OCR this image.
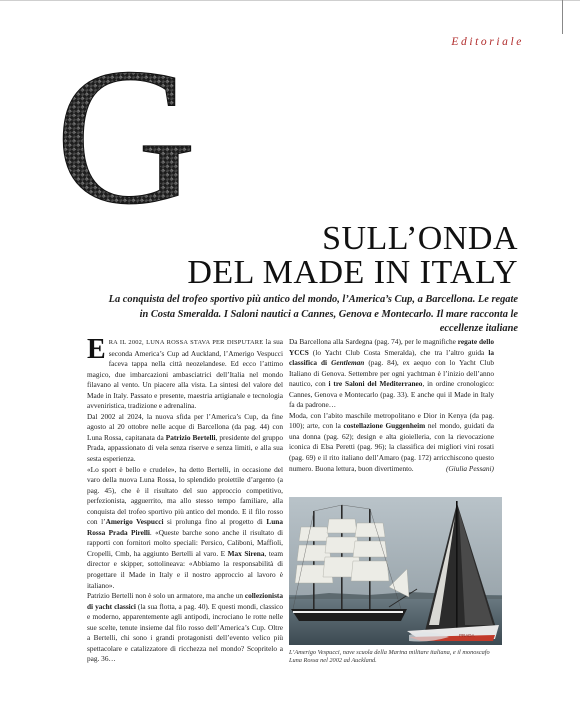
Editoriale
G	SULL’ONDA
DEL MADE IN ITALY
La conquista del trofeo sportivo più antico del mondo, l’America’s Cup, a Barcellona. Le regate in Costa Smeralda. I Saloni nautici a Cannes, Genova e Montecarlo. Il mare racconta le eccellenze italiane

ERA IL 2002, LUNA ROSSA STAVA PER DISPUTARE la sua seconda America’s Cup ad Auckland, l’Amerigo Vespucci faceva tappa nella città neozelandese. Ed ecco l’attimo magico, due imbarcazioni ambasciatrici dell’Italia nel mondo filavano al vento. Un piacere alla vista. La sintesi del valore del Made in Italy. Passato e presente, maestria artigianale e tecnologia avveniristica, tradizione e adrenalina.

Dal 2002 al 2024, la nuova sfida per l’America’s Cup, da fine agosto al 20 ottobre nelle acque di Barcellona (da pag. 44) con Luna Rossa, capitanata da Patrizio Bertelli, presidente del gruppo Prada, appassionato di vela senza riserve e senza limiti, e alla sua sesta esperienza.

«Lo sport è bello e crudele», ha detto Bertelli, in occasione del varo della nuova Luna Rossa, lo splendido proiettile d’argento (a pag. 45), che è il risultato del suo approccio competitivo, perfezionista, agguerrito, ma allo stesso tempo familiare, alla conquista del trofeo sportivo più antico del mondo. E il filo rosso con l’Amerigo Vespucci si prolunga fino al progetto di Luna Rossa Prada Pirelli. «Queste barche sono anche il risultato di rapporti con fornitori molto speciali: Persico, Caliboni, Maffioli, Cropelli, Cmb, ha aggiunto Bertelli al varo. E Max Sirena, team director e skipper, sottolineava: «Abbiamo la responsabilità di progettare il Made in Italy e il nostro approccio al lavoro è italiano».

Patrizio Bertelli non è solo un armatore, ma anche un collezionista di yacht classici (la sua flotta, a pag. 40). E questi mondi, classico e moderno, apparentemente agli antipodi, incrociano le rotte nelle sue scelte, tenute insieme dal filo rosso dell’America’s Cup. Oltre a Bertelli, chi sono i grandi protagonisti dell’evento velico più spettacolare e catalizzatore di ricchezza nel mondo? Scopritelo a pag. 36…

Da Barcellona alla Sardegna (pag. 74), per le magnifiche regate dello YCCS (lo Yacht Club Costa Smeralda), che tra l’altro guida la classifica di Gentleman (pag. 84), ex aequo con lo Yacht Club Italiano di Genova. Settembre per ogni yachtman è l’inizio dell’anno nautico, con i tre Saloni del Mediterraneo, in ordine cronologico: Cannes, Genova e Montecarlo (pag. 33). E anche qui il Made in Italy fa da padrone…

Moda, con l’abito maschile metropolitano e Dior in Kenya (da pag. 100); arte, con la costellazione Guggenheim nel mondo, guidati da una donna (pag. 62); design e alta gioielleria, con la rievocazione iconica di Elsa Peretti (pag. 96); la classifica dei migliori vini rosati (pag. 69) e il rito italiano dell’Amaro (pag. 172) arricchiscono questo numero. Buona lettura, buon divertimento.	(Giulia Pessani)

PRADA
L’Amerigo Vespucci, nave scuola della Marina militare italiana, e il monoscafo Luna Rossa nel 2002 ad Auckland.
